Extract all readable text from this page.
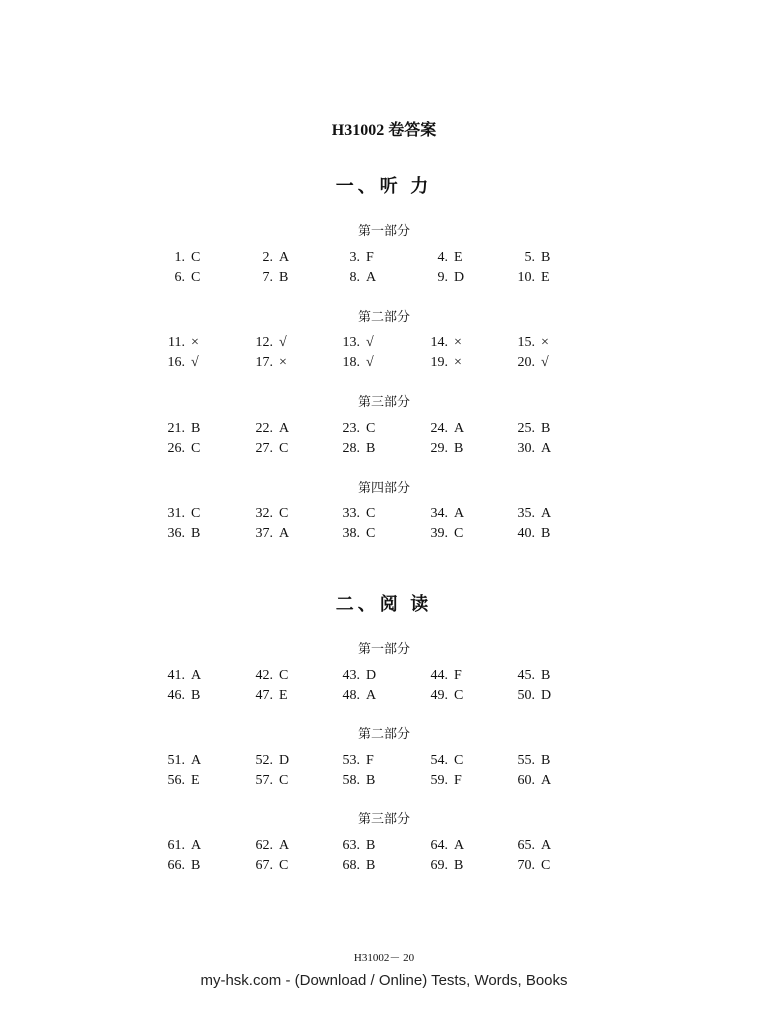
H31002 卷答案
一、听 力
第一部分
1. C	2. A	3. F	4. E	5. B
6. C	7. B	8. A	9. D	10. E
第二部分
11. ×	12. √	13. √	14. ×	15. ×
16. √	17. ×	18. √	19. ×	20. √
第三部分
21. B	22. A	23. C	24. A	25. B
26. C	27. C	28. B	29. B	30. A
第四部分
31. C	32. C	33. C	34. A	35. A
36. B	37. A	38. C	39. C	40. B
二、阅 读
第一部分
41. A	42. C	43. D	44. F	45. B
46. B	47. E	48. A	49. C	50. D
第二部分
51. A	52. D	53. F	54. C	55. B
56. E	57. C	58. B	59. F	60. A
第三部分
61. A	62. A	63. B	64. A	65. A
66. B	67. C	68. B	69. B	70. C
H31002－ 20
my-hsk.com - (Download / Online) Tests, Words, Books
